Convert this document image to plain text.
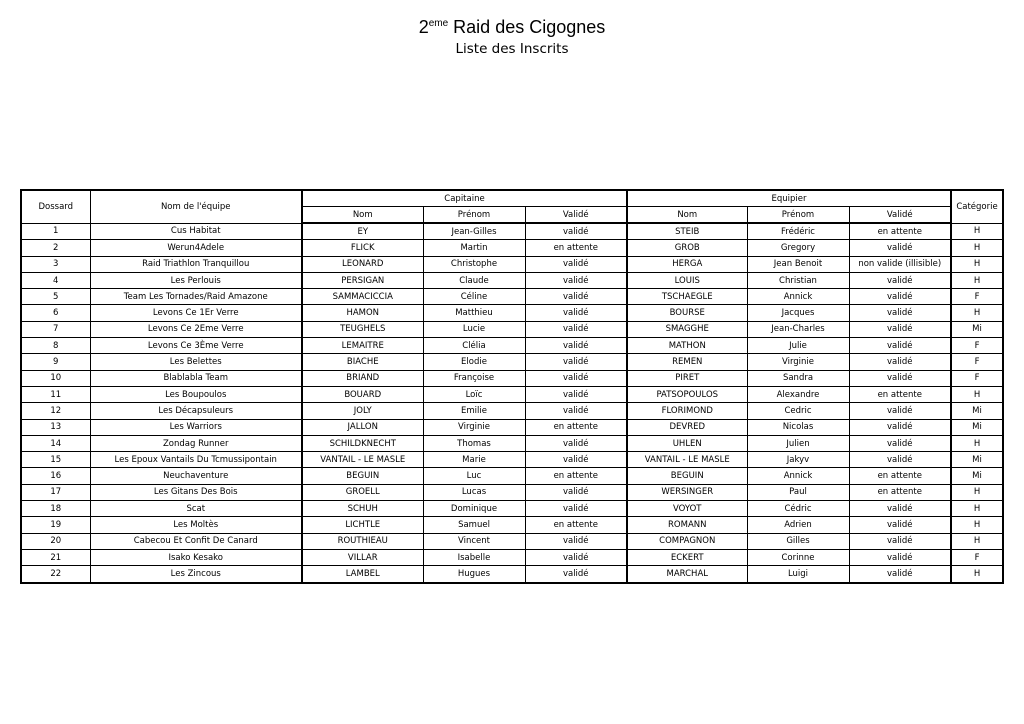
2eme Raid des Cigognes
Liste des Inscrits
Dossard	Nom de l'équipe	Capitaine			Equipier			Catégorie
		Nom	Prénom	Validé	Nom	Prénom	Validé	
1	Cus Habitat	EY	Jean-Gilles	validé	STEIB	Frédéric	en attente	H
2	Werun4Adele	FLICK	Martin	en attente	GROB	Gregory	validé	H
3	Raid Triathlon Tranquillou	LEONARD	Christophe	validé	HERGA	Jean Benoit	non valide (illisible)	H
4	Les Perlouis	PERSIGAN	Claude	validé	LOUIS	Christian	validé	H
5	Team Les Tornades/Raid Amazone	SAMMACICCIA	Céline	validé	TSCHAEGLE	Annick	validé	F
6	Levons Ce 1Er Verre	HAMON	Matthieu	validé	BOURSE	Jacques	validé	H
7	Levons Ce 2Eme Verre	TEUGHELS	Lucie	validé	SMAGGHE	Jean-Charles	validé	Mi
8	Levons Ce 3Ème Verre	LEMAITRE	Clélia	validé	MATHON	Julie	validé	F
9	Les Belettes	BIACHE	Elodie	validé	REMEN	Virginie	validé	F
10	Blablabla Team	BRIAND	Françoise	validé	PIRET	Sandra	validé	F
11	Les Boupoulos	BOUARD	Loïc	validé	PATSOPOULOS	Alexandre	en attente	H
12	Les Décapsuleurs	JOLY	Emilie	validé	FLORIMOND	Cedric	validé	Mi
13	Les Warriors	JALLON	Virginie	en attente	DEVRED	Nicolas	validé	Mi
14	Zondag Runner	SCHILDKNECHT	Thomas	validé	UHLEN	Julien	validé	H
15	Les Epoux Vantails Du Tcmussipontain	VANTAIL - LE MASLE	Marie	validé	VANTAIL - LE MASLE	Jakyv	validé	Mi
16	Neuchaventure	BEGUIN	Luc	en attente	BEGUIN	Annick	en attente	Mi
17	Les Gitans Des Bois	GROELL	Lucas	validé	WERSINGER	Paul	en attente	H
18	Scat	SCHUH	Dominique	validé	VOYOT	Cédric	validé	H
19	Les Moltès	LICHTLE	Samuel	en attente	ROMANN	Adrien	validé	H
20	Cabecou Et Confit De Canard	ROUTHIEAU	Vincent	validé	COMPAGNON	Gilles	validé	H
21	Isako Kesako	VILLAR	Isabelle	validé	ECKERT	Corinne	validé	F
22	Les Zincous	LAMBEL	Hugues	validé	MARCHAL	Luigi	validé	H
